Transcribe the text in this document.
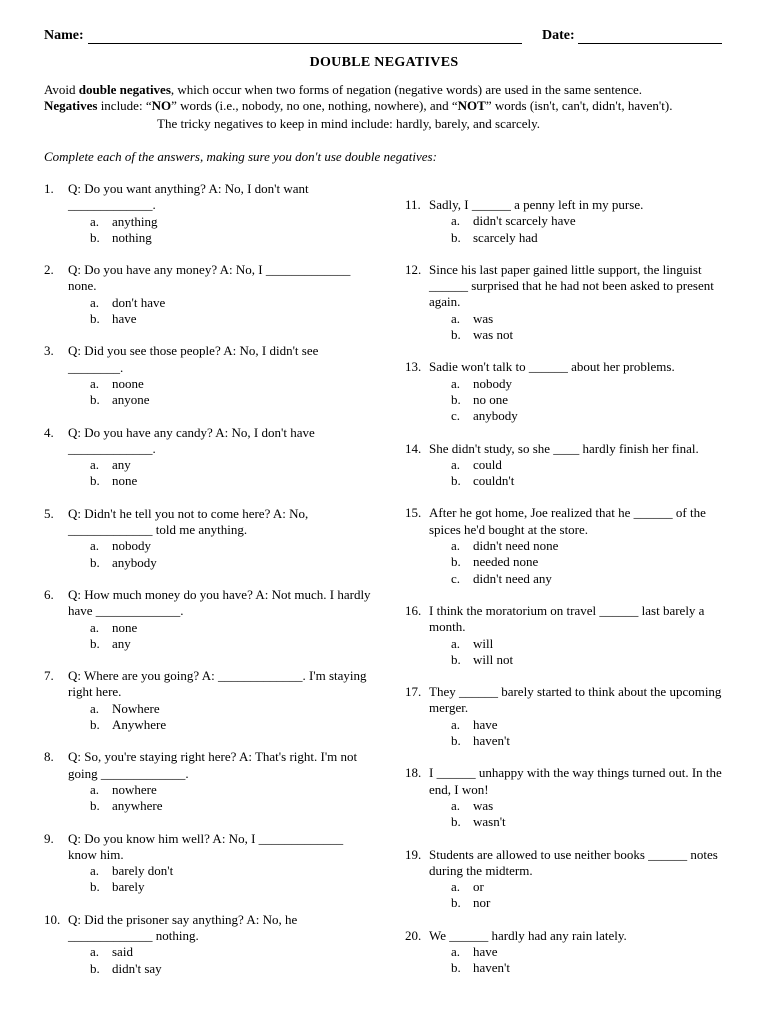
Name:	Date:
DOUBLE NEGATIVES
Avoid double negatives, which occur when two forms of negation (negative words) are used in the same sentence.
Negatives include: “NO” words (i.e., nobody, no one, nothing, nowhere), and “NOT” words (isn't, can't, didn't, haven't).
The tricky negatives to keep in mind include: hardly, barely, and scarcely.
Complete each of the answers, making sure you don't use double negatives:
1. Q: Do you want anything? A: No, I don't want _____________.
a. anything
b. nothing
2. Q: Do you have any money? A: No, I _____________ none.
a. don't have
b. have
3. Q: Did you see those people? A: No, I didn't see ________.
a. noone
b. anyone
4. Q: Do you have any candy? A: No, I don't have _____________.
a. any
b. none
5. Q: Didn't he tell you not to come here? A: No, _____________ told me anything.
a. nobody
b. anybody
6. Q: How much money do you have? A: Not much. I hardly have _____________.
a. none
b. any
7. Q: Where are you going? A: _____________. I'm staying right here.
a. Nowhere
b. Anywhere
8. Q: So, you're staying right here? A: That's right. I'm not going _____________.
a. nowhere
b. anywhere
9. Q: Do you know him well? A: No, I _____________ know him.
a. barely don't
b. barely
10. Q: Did the prisoner say anything? A: No, he _____________ nothing.
a. said
b. didn't say
11. Sadly, I ______ a penny left in my purse.
a. didn't scarcely have
b. scarcely had
12. Since his last paper gained little support, the linguist ______ surprised that he had not been asked to present again.
a. was
b. was not
13. Sadie won't talk to ______ about her problems.
a. nobody
b. no one
c. anybody
14. She didn't study, so she ____ hardly finish her final.
a. could
b. couldn't
15. After he got home, Joe realized that he ______ of the spices he'd bought at the store.
a. didn't need none
b. needed none
c. didn't need any
16. I think the moratorium on travel ______ last barely a month.
a. will
b. will not
17. They ______ barely started to think about the upcoming merger.
a. have
b. haven't
18. I ______ unhappy with the way things turned out. In the end, I won!
a. was
b. wasn't
19. Students are allowed to use neither books ______ notes during the midterm.
a. or
b. nor
20. We ______ hardly had any rain lately.
a. have
b. haven't
